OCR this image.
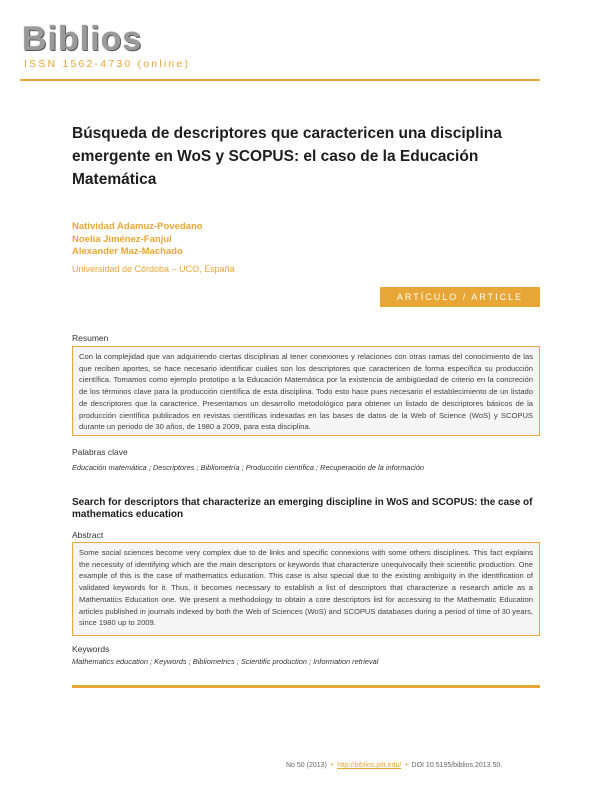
Biblios
ISSN 1562-4730 (online)
Búsqueda de descriptores que caractericen una disciplina emergente en WoS y SCOPUS: el caso de la Educación Matemática
Natividad Adamuz-Povedano
Noelia Jiménez-Fanjul
Alexander Maz-Machado
Universidad de Córdoba – UCO, España
ARTÍCULO / ARTICLE
Resumen
Con la complejidad que van adquiriendo ciertas disciplinas al tener conexiones y relaciones con otras ramas del conocimiento de las que reciben aportes, se hace necesario identificar cuáles son los descriptores que caractericen de forma específica su producción científica. Tomamos como ejemplo prototipo a la Educación Matemática por la existencia de ambigüedad de criterio en la concreción de los términos clave para la producción científica de esta disciplina. Todo esto hace pues necesario el establecimiento de un listado de descriptores que la caracterice. Presentamos un desarrollo metodológico para obtener un listado de descriptores básicos de la producción científica publicados en revistas científicas indexadas en las bases de datos de la Web of Science (WoS) y SCOPUS durante un periodo de 30 años, de 1980 a 2009, para esta disciplina.
Palabras clave
Educación matemática ; Descriptores ; Bibliometría ; Producción científica ; Recuperación de la información
Search for descriptors that characterize an emerging discipline in WoS and SCOPUS: the case of mathematics education
Abstract
Some social sciences become very complex due to de links and specific connexions with some others disciplines. This fact explains the necessity of identifying which are the main descriptors or keywords that characterize unequivocally their scientific production. One example of this is the case of mathematics education. This case is also special due to the existing ambiguity in the identification of validated keywords for it. Thus, it becomes necessary to establish a list of descriptors that characterize a research article as a Mathematics Education one. We present a methodology to obtain a core descriptors list for accessing to the Mathematic Education articles published in journals indexed by both the Web of Sciences (WoS) and SCOPUS databases during a period of time of 30 years, since 1980 up to 2009.
Keywords
Mathematics education ; Keywords ; Bibliometrics ; Scientific production ; Information retrieval
No 50 (2013) • http://biblios.pitt.edu/ • DOI 10.5195/biblios.2013.50.
